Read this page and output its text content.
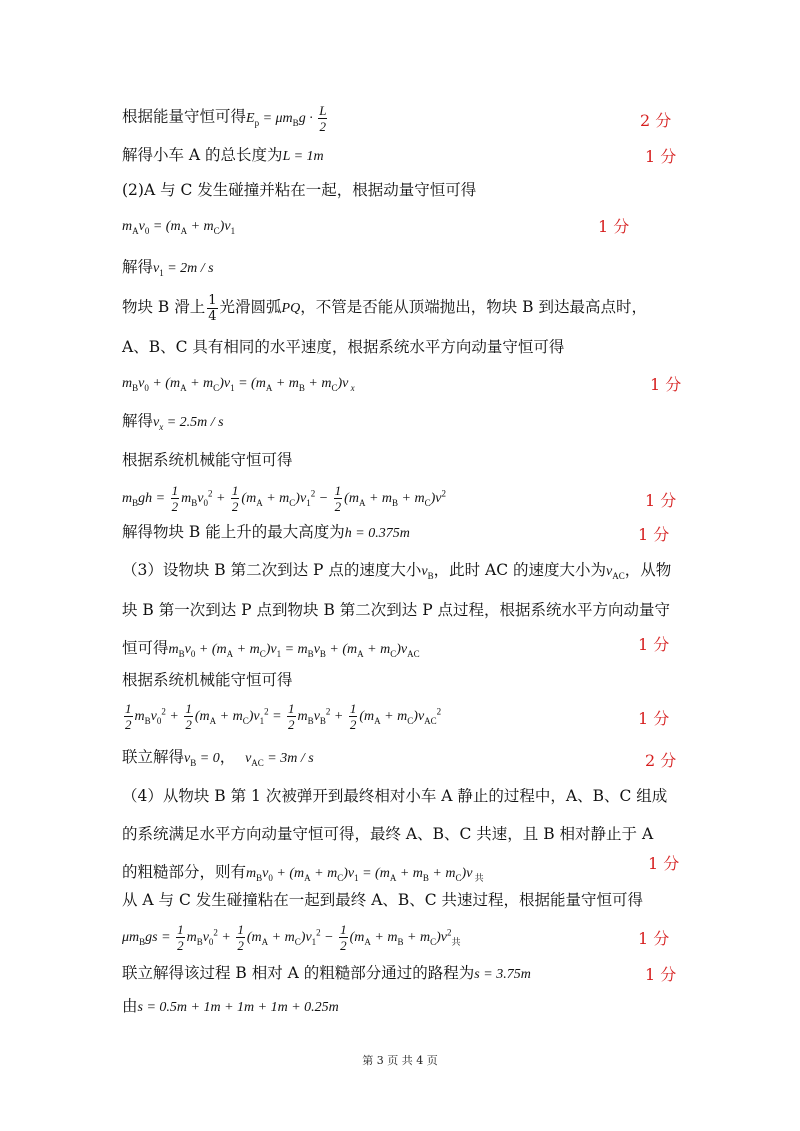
根据能量守恒可得$E_p = \mu m_Bg \cdot \frac{L}{2}$	2 分
解得小车 A 的总长度为L = 1m	1 分
(2)A 与 C 发生碰撞并粘在一起，根据动量守恒可得
$m_Av_0 = (m_A + m_C)v_1$	1 分
解得$v_1 = 2m / s$
物块 B 滑上 $\frac{1}{4}$ 光滑圆弧PQ，不管是否能从顶端抛出，物块 B 到达最高点时，A、B、C 具有相同的水平速度，根据系统水平方向动量守恒可得
$m_Bv_0 + (m_A + m_C)v_1 = (m_A + m_B + m_C)v$ $_x$	1 分
解得$v_x = 2.5m / s$
根据系统机械能守恒可得
$m_Bgh = \frac{1}{2} m_Bv_0^2 + \frac{1}{2} (m_A + m_C)v_1^2 - \frac{1}{2} (m_A + m_B + m_C)v^2$	1 分
解得物块 B 能上升的最大高度为h = 0.375m	1 分
（3）设物块 B 第二次到达 P 点的速度大小$v_B$，此时 AC 的速度大小为$v_{AC}$，从物块 B 第一次到达 P 点到物块 B 第二次到达 P 点过程，根据系统水平方向动量守恒可得$m_Bv_0 + (m_A + m_C)v_1 = m_Bv_B + (m_A + m_C)v_{AC}$	1 分
根据系统机械能守恒可得
$\frac{1}{2} m_Bv_0^2 + \frac{1}{2} (m_A + m_C)v_1^2 = \frac{1}{2} m_Bv_B^2 + \frac{1}{2} (m_A + m_C)v_{AC}^2$	1 分
联立解得$v_B = 0$，  $v_{AC} = 3m / s$	2 分
（4）从物块 B 第 1 次被弹开到最终相对小车 A 静止的过程中，A、B、C 组成的系统满足水平方向动量守恒可得，最终 A、B、C 共速，且 B 相对静止于 A 的粗糙部分，则有$m_Bv_0 + (m_A + m_C)v_1 = (m_A + m_B + m_C)v$ $_共$
1 分
从 A 与 C 发生碰撞粘在一起到最终 A、B、C 共速过程，根据能量守恒可得
$\mu m_Bgs = \frac{1}{2} m_Bv_0^2 + \frac{1}{2} (m_A + m_C)v_1^2 - \frac{1}{2} (m_A + m_B + m_C)v^2_共$	1 分
联立解得该过程 B 相对 A 的粗糙部分通过的路程为s = 3.75m	1 分
由s = 0.5m + 1m + 1m + 1m + 0.25m
第 3 页 共 4 页
